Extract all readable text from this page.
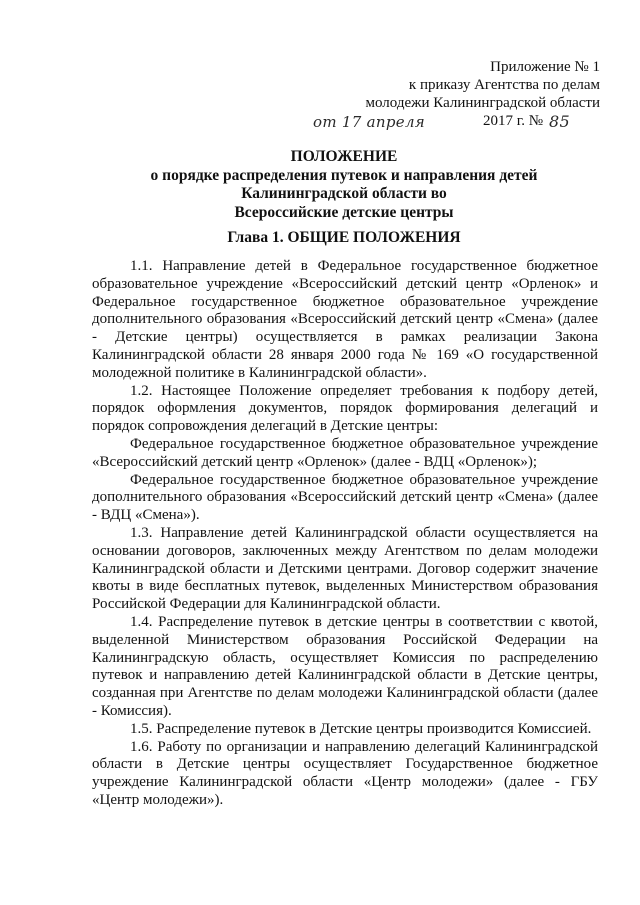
Приложение № 1
к приказу Агентства по делам
молодежи Калининградской области
от 17 апреля	2017 г. № 85
ПОЛОЖЕНИЕ
о порядке распределения путевок и направления детей
Калининградской области во
Всероссийские детские центры
Глава 1. ОБЩИЕ ПОЛОЖЕНИЯ

1.1. Направление детей в Федеральное государственное бюджетное образовательное учреждение «Всероссийский детский центр «Орленок» и Федеральное государственное бюджетное образовательное учреждение дополнительного образования «Всероссийский детский центр «Смена» (далее - Детские центры) осуществляется в рамках реализации Закона Калининградской области 28 января 2000 года № 169 «О государственной молодежной политике в Калининградской области».

1.2. Настоящее Положение определяет требования к подбору детей, порядок оформления документов, порядок формирования делегаций и порядок сопровождения делегаций в Детские центры:

Федеральное государственное бюджетное образовательное учреждение «Всероссийский детский центр «Орленок» (далее - ВДЦ «Орленок»);

Федеральное государственное бюджетное образовательное учреждение дополнительного образования «Всероссийский детский центр «Смена» (далее - ВДЦ «Смена»).

1.3. Направление детей Калининградской области осуществляется на основании договоров, заключенных между Агентством по делам молодежи Калининградской области и Детскими центрами. Договор содержит значение квоты в виде бесплатных путевок, выделенных Министерством образования Российской Федерации для Калининградской области.

1.4. Распределение путевок в детские центры в соответствии с квотой, выделенной Министерством образования Российской Федерации на Калининградскую область, осуществляет Комиссия по распределению путевок и направлению детей Калининградской области в Детские центры, созданная при Агентстве по делам молодежи Калининградской области (далее - Комиссия).

1.5. Распределение путевок в Детские центры производится Комиссией.

1.6. Работу по организации и направлению делегаций Калининградской области в Детские центры осуществляет Государственное бюджетное учреждение Калининградской области «Центр молодежи» (далее - ГБУ «Центр молодежи»).
